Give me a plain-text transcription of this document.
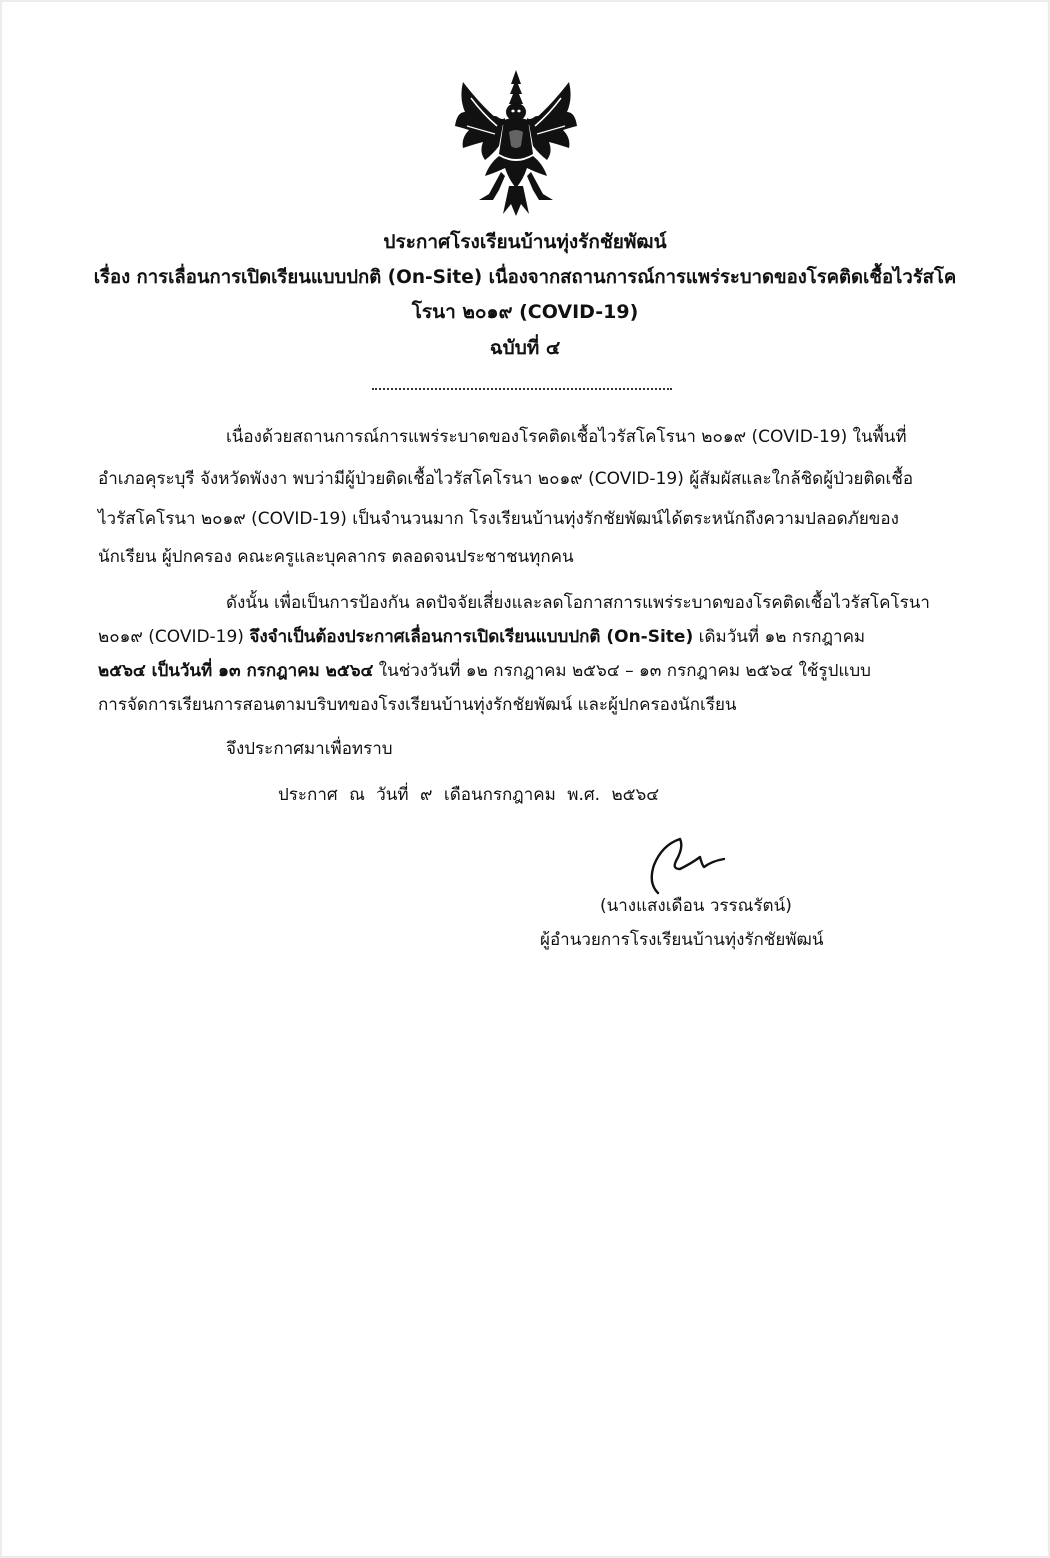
ประกาศโรงเรียนบ้านทุ่งรักชัยพัฒน์
เรื่อง การเลื่อนการเปิดเรียนแบบปกติ (On-Site) เนื่องจากสถานการณ์การแพร่ระบาดของโรคติดเชื้อไวรัสโค
โรนา ๒๐๑๙ (COVID-19)
ฉบับที่ ๔
เนื่องด้วยสถานการณ์การแพร่ระบาดของโรคติดเชื้อไวรัสโคโรนา ๒๐๑๙ (COVID-19) ในพื้นที่
อำเภอคุระบุรี จังหวัดพังงา พบว่ามีผู้ป่วยติดเชื้อไวรัสโคโรนา ๒๐๑๙ (COVID-19) ผู้สัมผัสและใกล้ชิดผู้ป่วยติดเชื้อ
ไวรัสโคโรนา ๒๐๑๙ (COVID-19) เป็นจำนวนมาก โรงเรียนบ้านทุ่งรักชัยพัฒน์ได้ตระหนักถึงความปลอดภัยของ
นักเรียน ผู้ปกครอง คณะครูและบุคลากร ตลอดจนประชาชนทุกคน
ดังนั้น เพื่อเป็นการป้องกัน ลดปัจจัยเสี่ยงและลดโอกาสการแพร่ระบาดของโรคติดเชื้อไวรัสโคโรนา
๒๐๑๙ (COVID-19) จึงจำเป็นต้องประกาศเลื่อนการเปิดเรียนแบบปกติ (On-Site) เดิมวันที่ ๑๒ กรกฎาคม
๒๕๖๔ เป็นวันที่ ๑๓ กรกฎาคม ๒๕๖๔ ในช่วงวันที่ ๑๒ กรกฎาคม ๒๕๖๔ – ๑๓ กรกฎาคม ๒๕๖๔ ใช้รูปแบบ
การจัดการเรียนการสอนตามบริบทของโรงเรียนบ้านทุ่งรักชัยพัฒน์ และผู้ปกครองนักเรียน
จึงประกาศมาเพื่อทราบ
ประกาศ ณ วันที่ ๙ เดือนกรกฎาคม พ.ศ. ๒๕๖๔
(นางแสงเดือน วรรณรัตน์)
ผู้อำนวยการโรงเรียนบ้านทุ่งรักชัยพัฒน์
